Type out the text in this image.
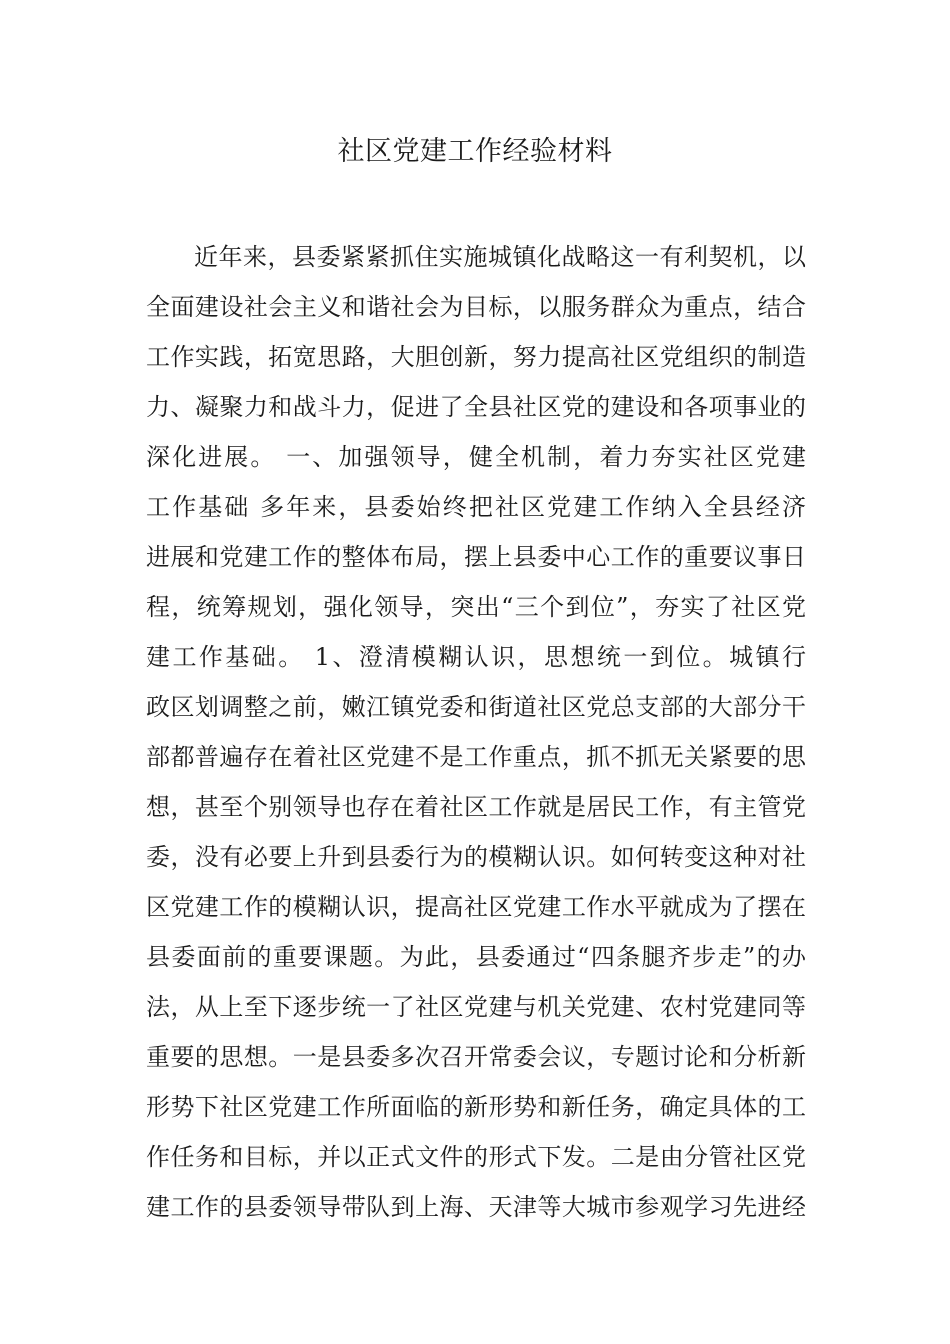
社区党建工作经验材料
近年来，县委紧紧抓住实施城镇化战略这一有利契机，以
全面建设社会主义和谐社会为目标，以服务群众为重点，结合
工作实践，拓宽思路，大胆创新，努力提高社区党组织的制造
力、凝聚力和战斗力，促进了全县社区党的建设和各项事业的
深化进展。 一、加强领导，健全机制，着力夯实社区党建
工作基础 多年来，县委始终把社区党建工作纳入全县经济
进展和党建工作的整体布局，摆上县委中心工作的重要议事日
程，统筹规划，强化领导，突出“三个到位”，夯实了社区党
建工作基础。 1、澄清模糊认识，思想统一到位。城镇行
政区划调整之前，嫩江镇党委和街道社区党总支部的大部分干
部都普遍存在着社区党建不是工作重点，抓不抓无关紧要的思
想，甚至个别领导也存在着社区工作就是居民工作，有主管党
委，没有必要上升到县委行为的模糊认识。如何转变这种对社
区党建工作的模糊认识，提高社区党建工作水平就成为了摆在
县委面前的重要课题。为此，县委通过“四条腿齐步走”的办
法，从上至下逐步统一了社区党建与机关党建、农村党建同等
重要的思想。一是县委多次召开常委会议，专题讨论和分析新
形势下社区党建工作所面临的新形势和新任务，确定具体的工
作任务和目标，并以正式文件的形式下发。二是由分管社区党
建工作的县委领导带队到上海、天津等大城市参观学习先进经
